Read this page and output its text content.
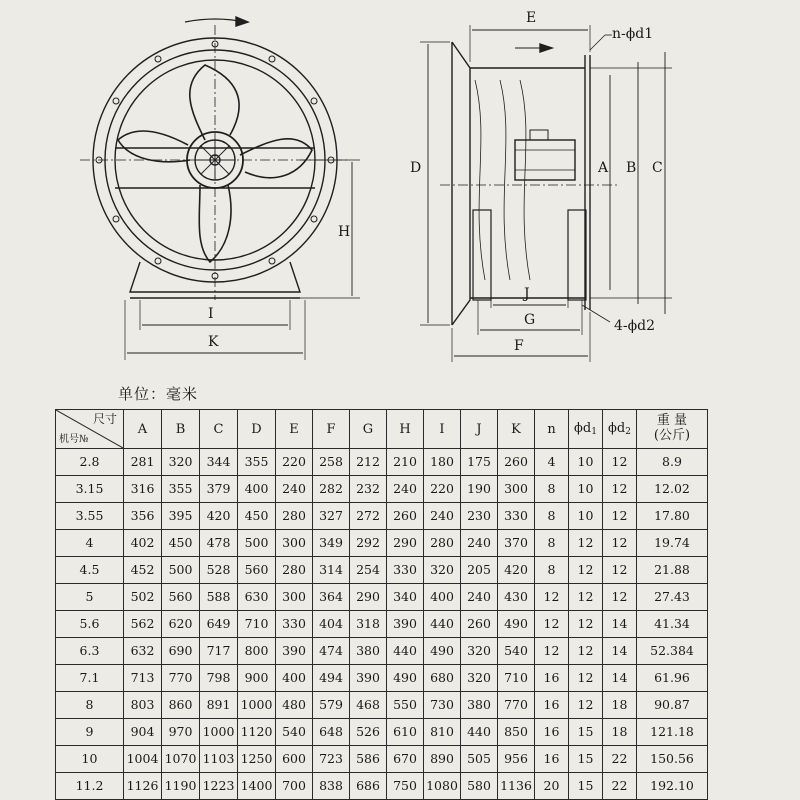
E
n-ϕd1
D	A B C
H
I
K
J
G	4-ϕd2
F
单位：毫米
尺寸
机号№	A	B	C	D	E	F	G	H	I	J	K	n	ϕd1	ϕd2	重 量
(公斤)
2.8	281	320	344	355	220	258	212	210	180	175	260	4	10	12	8.9
3.15	316	355	379	400	240	282	232	240	220	190	300	8	10	12	12.02
3.55	356	395	420	450	280	327	272	260	240	230	330	8	10	12	17.80
4	402	450	478	500	300	349	292	290	280	240	370	8	12	12	19.74
4.5	452	500	528	560	280	314	254	330	320	205	420	8	12	12	21.88
5	502	560	588	630	300	364	290	340	400	240	430	12	12	12	27.43
5.6	562	620	649	710	330	404	318	390	440	260	490	12	12	14	41.34
6.3	632	690	717	800	390	474	380	440	490	320	540	12	12	14	52.384
7.1	713	770	798	900	400	494	390	490	680	320	710	16	12	14	61.96
8	803	860	891	1000	480	579	468	550	730	380	770	16	12	18	90.87
9	904	970	1000	1120	540	648	526	610	810	440	850	16	15	18	121.18
10	1004	1070	1103	1250	600	723	586	670	890	505	956	16	15	22	150.56
11.2	1126	1190	1223	1400	700	838	686	750	1080	580	1136	20	15	22	192.10
